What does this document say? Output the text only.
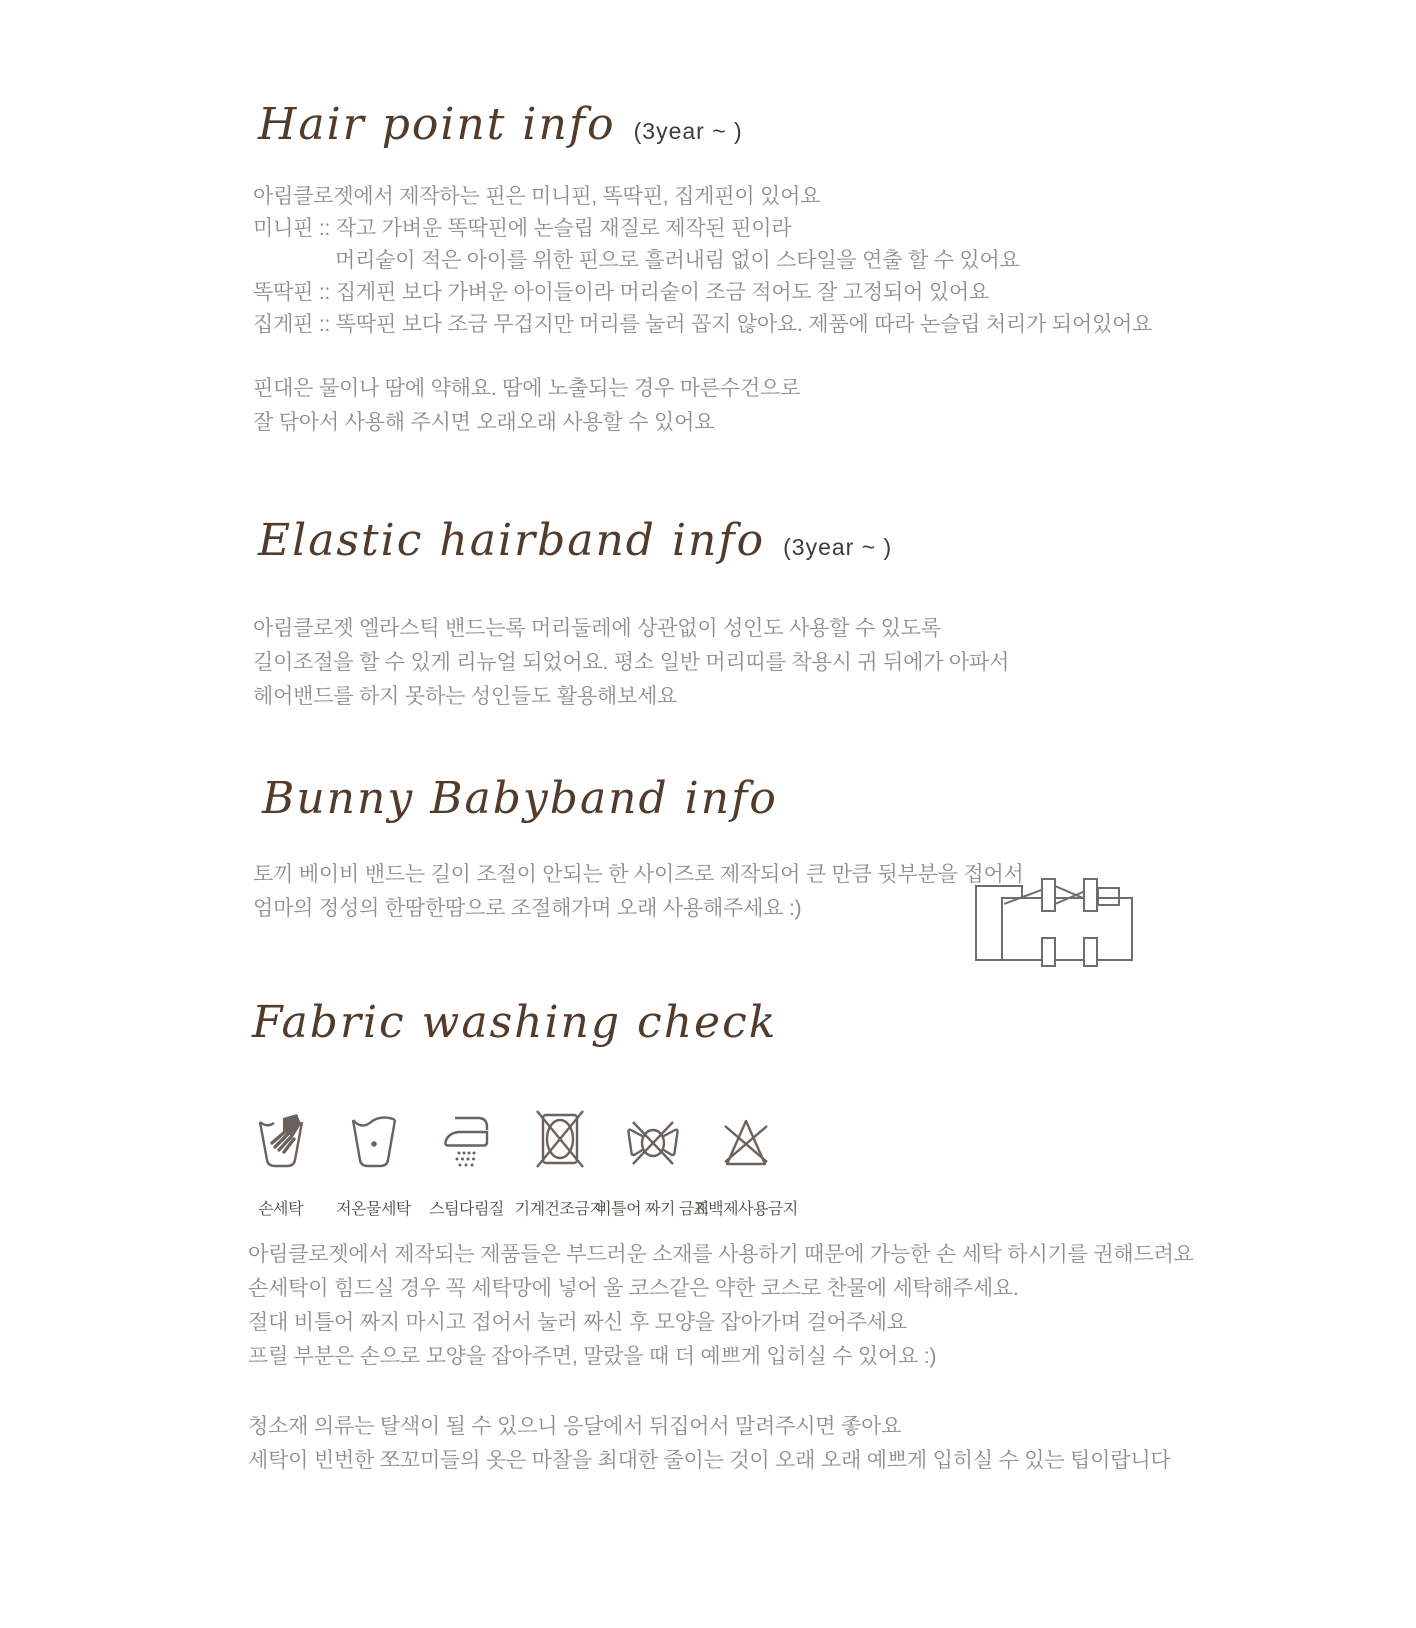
Hair point info (3year ~ )
아림클로젯에서 제작하는 핀은 미니핀, 똑딱핀, 집게핀이 있어요
미니핀 :: 작고 가벼운 똑딱핀에 논슬립 재질로 제작된 핀이라
머리숱이 적은 아이를 위한 핀으로 흘러내림 없이 스타일을 연출 할 수 있어요
똑딱핀 :: 집게핀 보다 가벼운 아이들이라 머리숱이 조금 적어도 잘 고정되어 있어요
집게핀 :: 똑딱핀 보다 조금 무겁지만 머리를 눌러 꼽지 않아요. 제품에 따라 논슬립 처리가 되어있어요
핀대은 물이나 땀에 약해요. 땀에 노출되는 경우 마른수건으로
잘 닦아서 사용해 주시면 오래오래 사용할 수 있어요
Elastic hairband info (3year ~ )
아림클로젯 엘라스틱 밴드는록 머리둘레에 상관없이 성인도 사용할 수 있도록
길이조절을 할 수 있게 리뉴얼 되었어요. 평소 일반 머리띠를 착용시 귀 뒤에가 아파서
헤어밴드를 하지 못하는 성인들도 활용해보세요
Bunny Babyband info
토끼 베이비 밴드는 길이 조절이 안되는 한 사이즈로 제작되어 큰 만큼 뒷부분을 접어서
엄마의 정성의 한땀한땀으로 조절해가며 오래 사용해주세요 :)
Fabric washing check
손세탁 저온물세탁 스팀다림질 기계건조금지
비틀어 짜기 금지
표백제사용금지
아림클로젯에서 제작되는 제품들은 부드러운 소재를 사용하기 때문에 가능한 손 세탁 하시기를 권해드려요
손세탁이 힘드실 경우 꼭 세탁망에 넣어 울 코스같은 약한 코스로 찬물에 세탁해주세요.
절대 비틀어 짜지 마시고 접어서 눌러 짜신 후 모양을 잡아가며 걸어주세요
프릴 부분은 손으로 모양을 잡아주면, 말랐을 때 더 예쁘게 입히실 수 있어요 :)
청소재 의류는 탈색이 될 수 있으니 응달에서 뒤집어서 말려주시면 좋아요
세탁이 빈번한 쪼꼬미들의 옷은 마찰을 최대한 줄이는 것이 오래 오래 예쁘게 입히실 수 있는 팁이랍니다
